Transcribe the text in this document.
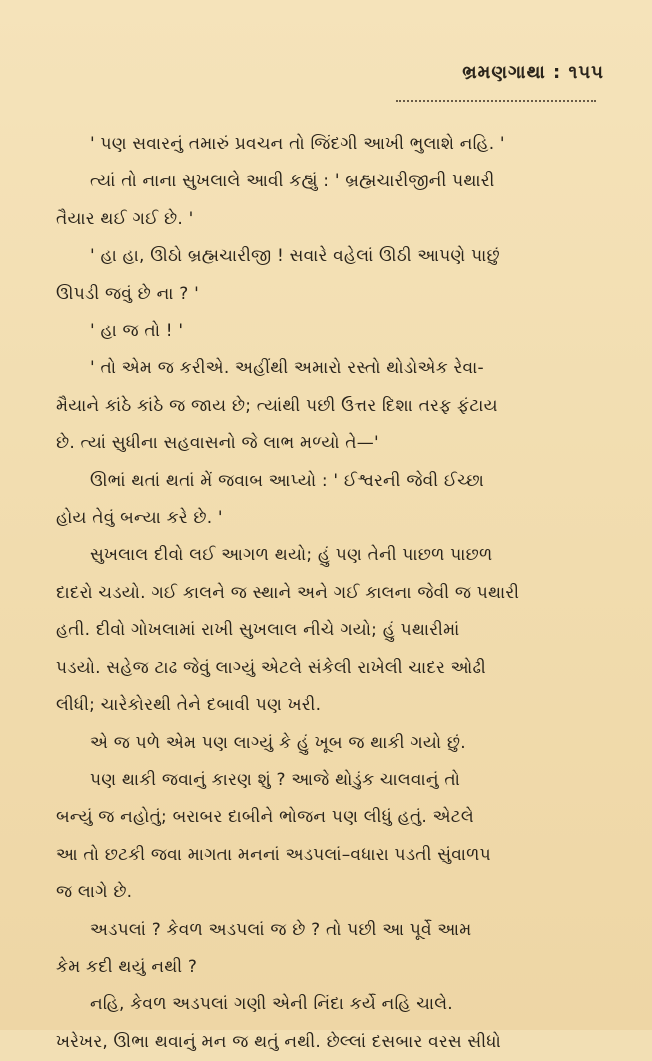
ભ્રમણગાથા : ૧૫૫

' પણ સવારનું તમારું પ્રવચન તો જિંદગી આખી ભુલાશે નહિ. '

ત્યાં તો નાના સુખલાલે આવી કહ્યું : ' બ્રહ્મચારીજીની પથારી

તૈયાર થઈ ગઈ છે. '

' હા હા, ઊઠો બ્રહ્મચારીજી ! સવારે વહેલાં ઊઠી આપણે પાછું

ઊપડી જવું છે ના ? '

' હા જ તો ! '

' તો એમ જ કરીએ. અહીંથી અમારો રસ્તો થોડોએક રેવા-

મૈયાને કાંઠે કાંઠે જ જાય છે; ત્યાંથી પછી ઉત્તર દિશા તરફ ફંટાય

છે. ત્યાં સુધીના સહવાસનો જે લાભ મળ્યો તે—'

ઊભાં થતાં થતાં મેં જવાબ આપ્યો : ' ઈશ્વરની જેવી ઈચ્છા

હોય તેવું બન્યા કરે છે. '

સુખલાલ દીવો લઈ આગળ થયો; હું પણ તેની પાછળ પાછળ

દાદરો ચડયો. ગઈ કાલને જ સ્થાને અને ગઈ કાલના જેવી જ પથારી

હતી. દીવો ગોખલામાં રાખી સુખલાલ નીચે ગયો; હું પથારીમાં

પડયો. સહેજ ટાઢ જેવું લાગ્યું એટલે સંકેલી રાખેલી ચાદર ઓઢી

લીધી; ચારેકોરથી તેને દબાવી પણ ખરી.

એ જ પળે એમ પણ લાગ્યું કે હું ખૂબ જ થાકી ગયો છું.

પણ થાકી જવાનું કારણ શું ? આજે થોડુંક ચાલવાનું તો

બન્યું જ નહોતું; બરાબર દાબીને ભોજન પણ લીધું હતું. એટલે

આ તો છટકી જવા માગતા મનનાં અડપલાં–વધારા પડતી સુંવાળપ

જ લાગે છે.

અડપલાં ? કેવળ અડપલાં જ છે ? તો પછી આ પૂર્વે આમ

કેમ કદી થયું નથી ?

નહિ, કેવળ અડપલાં ગણી એની નિંદા કર્યે નહિ ચાલે.

ખરેખર, ઊભા થવાનું મન જ થતું નથી. છેલ્લાં દસબાર વરસ સીધો
